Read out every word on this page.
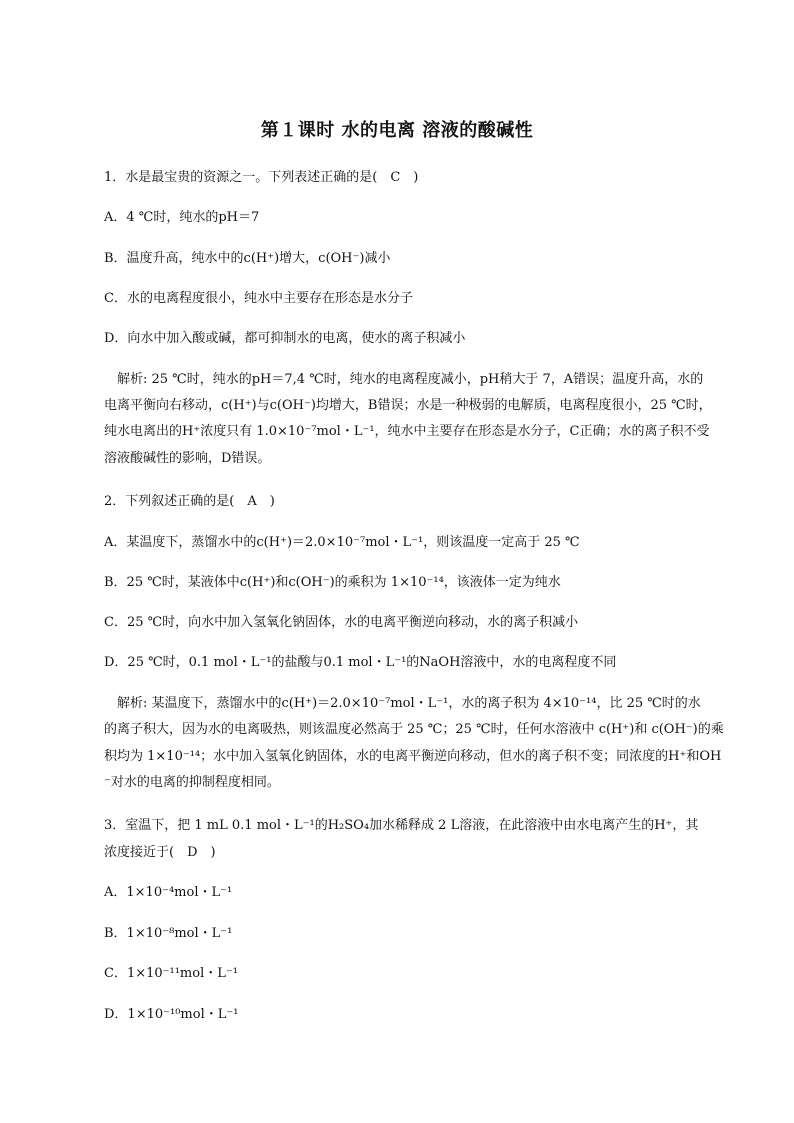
第１课时 水的电离 溶液的酸碱性
1．水是最宝贵的资源之一。下列表述正确的是(　C　)
A．4 ℃时，纯水的pH＝7
B．温度升高，纯水中的c(H⁺)增大，c(OH⁻)减小
C．水的电离程度很小，纯水中主要存在形态是水分子
D．向水中加入酸或碱，都可抑制水的电离，使水的离子积减小
　解析: 25 ℃时，纯水的pH＝7,4 ℃时，纯水的电离程度减小，pH稍大于 7，A错误；温度升高，水的
电离平衡向右移动，c(H⁺)与c(OH⁻)均增大，B错误；水是一种极弱的电解质，电离程度很小，25 ℃时，
纯水电离出的H⁺浓度只有 1.0×10⁻⁷mol・L⁻¹，纯水中主要存在形态是水分子，C正确；水的离子积不受
溶液酸碱性的影响，D错误。
2．下列叙述正确的是(　A　)
A．某温度下，蒸馏水中的c(H⁺)＝2.0×10⁻⁷mol・L⁻¹，则该温度一定高于 25 ℃
B．25 ℃时，某液体中c(H⁺)和c(OH⁻)的乘积为 1×10⁻¹⁴，该液体一定为纯水
C．25 ℃时，向水中加入氢氧化钠固体，水的电离平衡逆向移动，水的离子积减小
D．25 ℃时，0.1 mol・L⁻¹的盐酸与0.1 mol・L⁻¹的NaOH溶液中，水的电离程度不同
　解析: 某温度下，蒸馏水中的c(H⁺)＝2.0×10⁻⁷mol・L⁻¹，水的离子积为 4×10⁻¹⁴，比 25 ℃时的水
的离子积大，因为水的电离吸热，则该温度必然高于 25 ℃；25 ℃时，任何水溶液中 c(H⁺)和 c(OH⁻)的乘
积均为 1×10⁻¹⁴；水中加入氢氧化钠固体，水的电离平衡逆向移动，但水的离子积不变；同浓度的H⁺和OH
⁻对水的电离的抑制程度相同。
3．室温下，把 1 mL 0.1 mol・L⁻¹的H₂SO₄加水稀释成 2 L溶液，在此溶液中由水电离产生的H⁺，其
浓度接近于(　D　)
A．1×10⁻⁴mol・L⁻¹
B．1×10⁻⁸mol・L⁻¹
C．1×10⁻¹¹mol・L⁻¹
D．1×10⁻¹⁰mol・L⁻¹
